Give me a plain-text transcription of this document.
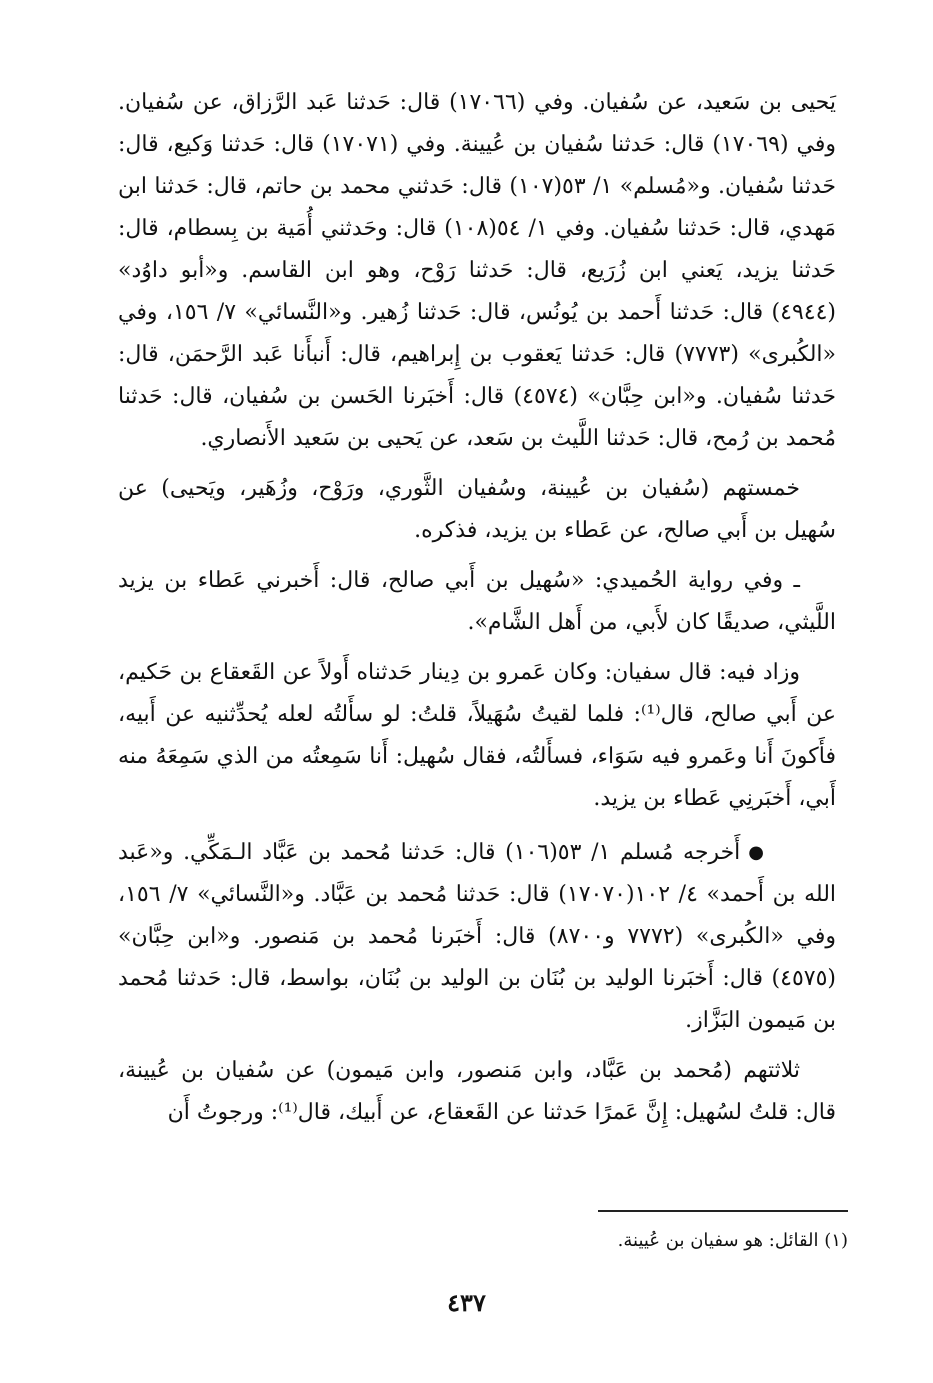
يَحيى بن سَعيد، عن سُفيان. وفي (١٧٠٦٦) قال: حَدثنا عَبد الرَّزاق، عن سُفيان. وفي (١٧٠٦٩) قال: حَدثنا سُفيان بن عُيينة. وفي (١٧٠٧١) قال: حَدثنا وَكيع، قال: حَدثنا سُفيان. و«مُسلم» ١/ ٥٣(١٠٧) قال: حَدثني محمد بن حاتم، قال: حَدثنا ابن مَهدي، قال: حَدثنا سُفيان. وفي ١/ ٥٤(١٠٨) قال: وحَدثني أُمَية بن بِسطام، قال: حَدثنا يزيد، يَعني ابن زُرَيع، قال: حَدثنا رَوْح، وهو ابن القاسم. و«أبو داوُد» (٤٩٤٤) قال: حَدثنا أَحمد بن يُونُس، قال: حَدثنا زُهير. و«النَّسائي» ٧/ ١٥٦، وفي «الكُبرى» (٧٧٧٣) قال: حَدثنا يَعقوب بن إِبراهيم، قال: أَنبأَنا عَبد الرَّحمَن، قال: حَدثنا سُفيان. و«ابن حِبَّان» (٤٥٧٤) قال: أَخبَرنا الحَسن بن سُفيان، قال: حَدثنا مُحمد بن رُمح، قال: حَدثنا اللَّيث بن سَعد، عن يَحيى بن سَعيد الأَنصاري.

خمستهم (سُفيان بن عُيينة، وسُفيان الثَّوري، ورَوْح، وزُهَير، ويَحيى) عن سُهيل بن أَبي صالح، عن عَطاء بن يزيد، فذكره.

ـ وفي رواية الحُميدي: «سُهيل بن أَبي صالح، قال: أَخبرني عَطاء بن يزيد اللَّيثي، صديقًا كان لأَبي، من أَهل الشَّام».

وزاد فيه: قال سفيان: وكان عَمرو بن دِينار حَدثناه أَولاً عن القَعقاع بن حَكيم، عن أَبي صالح، قال⁽¹⁾: فلما لقيتُ سُهَيلاً، قلتُ: لو سأَلتُه لعله يُحدِّثنيه عن أَبيه، فأَكونَ أَنا وعَمرو فيه سَوَاء، فسأَلتُه، فقال سُهيل: أَنا سَمِعتُه من الذي سَمِعَهُ منه أَبي، أَخبَرنِي عَطاء بن يزيد.

●أَخرجه مُسلم ١/ ٥٣(١٠٦) قال: حَدثنا مُحمد بن عَبَّاد الـمَكِّي. و«عَبد الله بن أَحمد» ٤/ ١٠٢(١٧٠٧٠) قال: حَدثنا مُحمد بن عَبَّاد. و«النَّسائي» ٧/ ١٥٦، وفي «الكُبرى» (٧٧٧٢ و٨٧٠٠) قال: أَخبَرنا مُحمد بن مَنصور. و«ابن حِبَّان» (٤٥٧٥) قال: أَخبَرنا الوليد بن بُنَان بن الوليد بن بُنَان، بواسط، قال: حَدثنا مُحمد بن مَيمون البَزَّاز.

ثلاثتهم (مُحمد بن عَبَّاد، وابن مَنصور، وابن مَيمون) عن سُفيان بن عُيينة، قال: قلتُ لسُهيل: إِنَّ عَمرًا حَدثنا عن القَعقاع، عن أَبيك، قال⁽¹⁾: ورجوتُ أَن

(١) القائل: هو سفيان بن عُيينة.
٤٣٧
